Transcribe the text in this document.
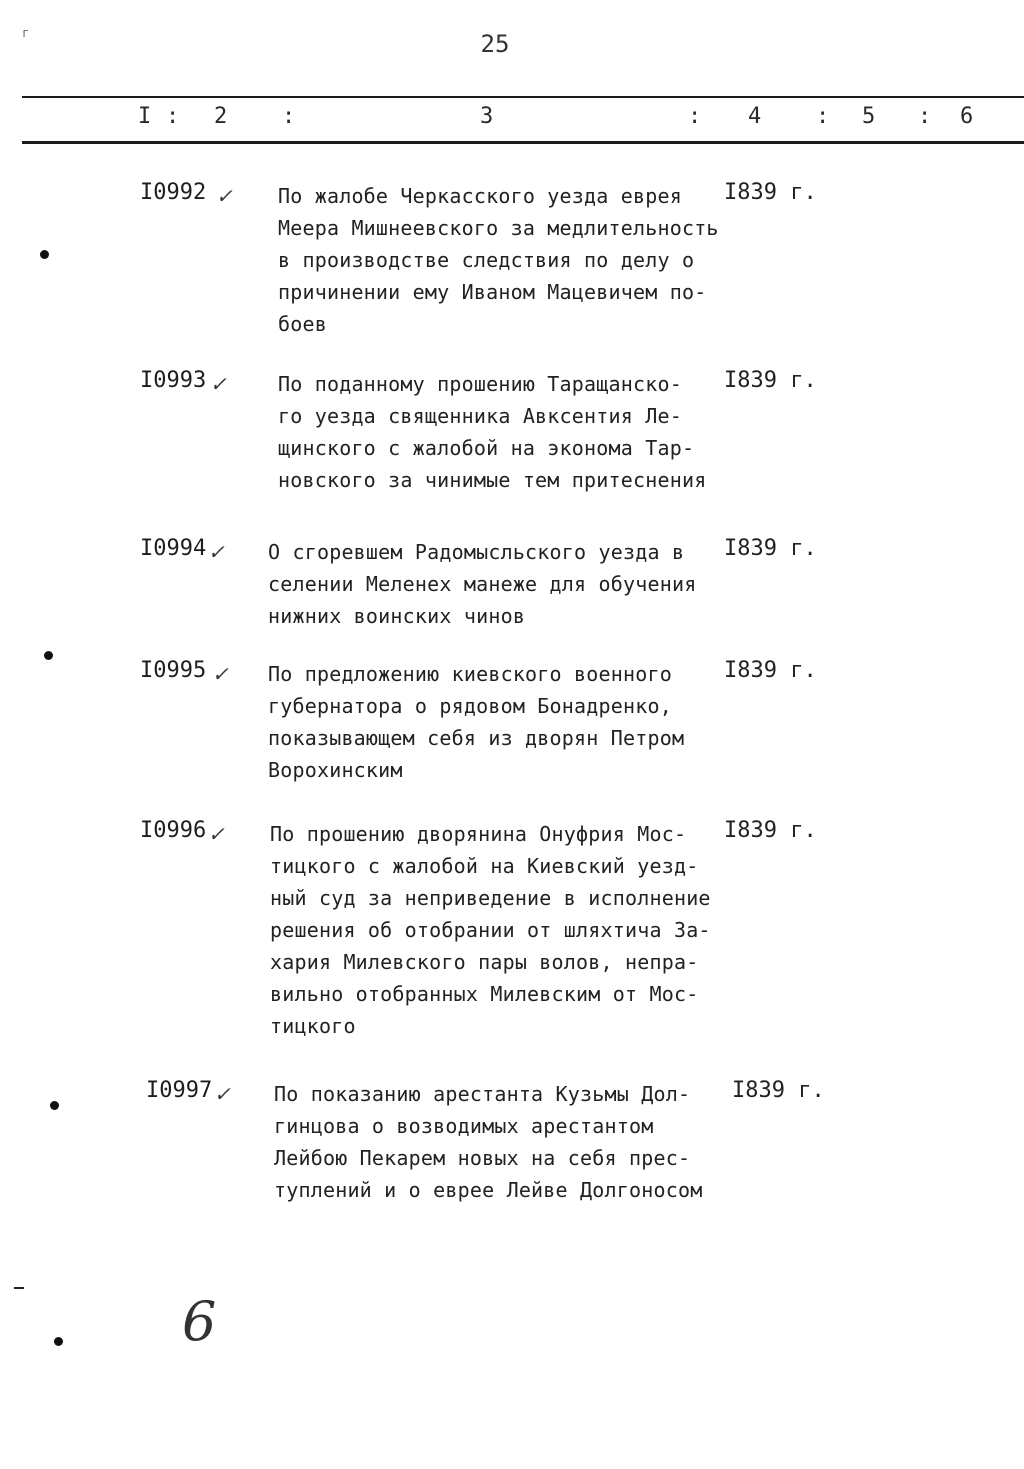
г	25
I : 2 :	3	: 4 : 5 : 6
I0992 ✓ По жалобе Черкасского уезда еврея
Меера Мишнеевского за медлительность
в производстве следствия по делу о
причинении ему Иваном Мацевичем по-
боев
I839 г.
I0993 ✓	По поданному прошению Таращанско-
го уезда священника Авксентия Ле-
щинского с жалобой на эконома Тар-
новского за чинимые тем притеснения
I839 г.
I0994 ✓ О сгоревшем Радомысльского уезда в
селении Меленех манеже для обучения
нижних воинских чинов
I839 г.
I0995 ✓ По предложению киевского военного
губернатора о рядовом Бонадренко,
показывающем себя из дворян Петром
Ворохинским
I839 г.
I0996 ✓ По прошению дворянина Онуфрия Мос-
тицкого с жалобой на Киевский уезд-
ный суд за неприведение в исполнение
решения об отобрании от шляхтича За-
хария Милевского пары волов, непра-
вильно отобранных Милевским от Мос-
тицкого
I839 г.
I0997 ✓ По показанию арестанта Кузьмы Дол-
гинцова о возводимых арестантом
Лейбою Пекарем новых на себя прес-
туплений и о еврее Лейве Долгоносом
I839 г.
6
